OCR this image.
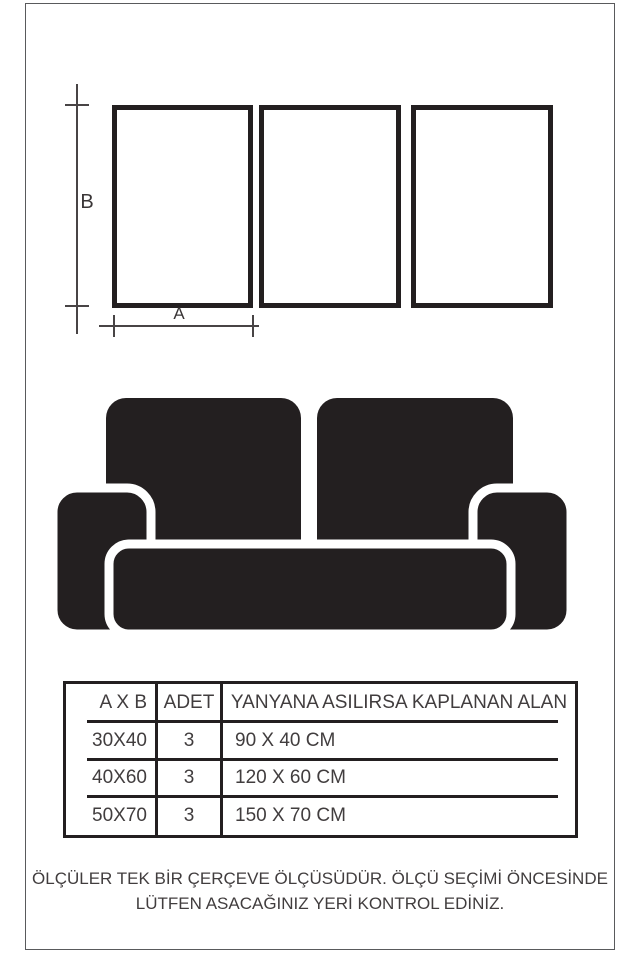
B
A
A X B ADET YANYANA ASILIRSA KAPLANAN ALAN
30X40	3	90 X 40 CM
40X60	3	120 X 60 CM
50X70	3	150 X 70 CM
ÖLÇÜLER TEK BİR ÇERÇEVE ÖLÇÜSÜDÜR. ÖLÇÜ SEÇİMİ ÖNCESİNDE
LÜTFEN ASACAĞINIZ YERİ KONTROL EDİNİZ.
